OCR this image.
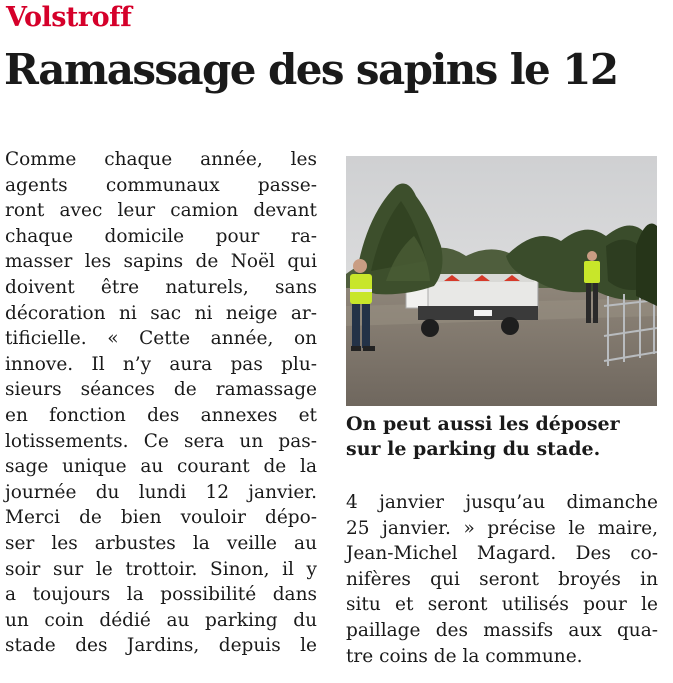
Volstroff
Ramassage des sapins le 12
Comme chaque année, les
agents communaux passe-
ront avec leur camion devant
chaque domicile pour ra-
masser les sapins de Noël qui
doivent être naturels, sans
décoration ni sac ni neige ar-
tificielle. « Cette année, on
innove. Il n’y aura pas plu-
sieurs séances de ramassage
en fonction des annexes et
lotissements. Ce sera un pas-
sage unique au courant de la
journée du lundi 12 janvier.
Merci de bien vouloir dépo-
ser les arbustes la veille au
soir sur le trottoir. Sinon, il y
a toujours la possibilité dans
un coin dédié au parking du
stade des Jardins, depuis le
On peut aussi les déposer
sur le parking du stade.
4 janvier jusqu’au dimanche
25 janvier. » précise le maire,
Jean-Michel Magard. Des co-
nifères qui seront broyés in
situ et seront utilisés pour le
paillage des massifs aux qua-
tre coins de la commune.
